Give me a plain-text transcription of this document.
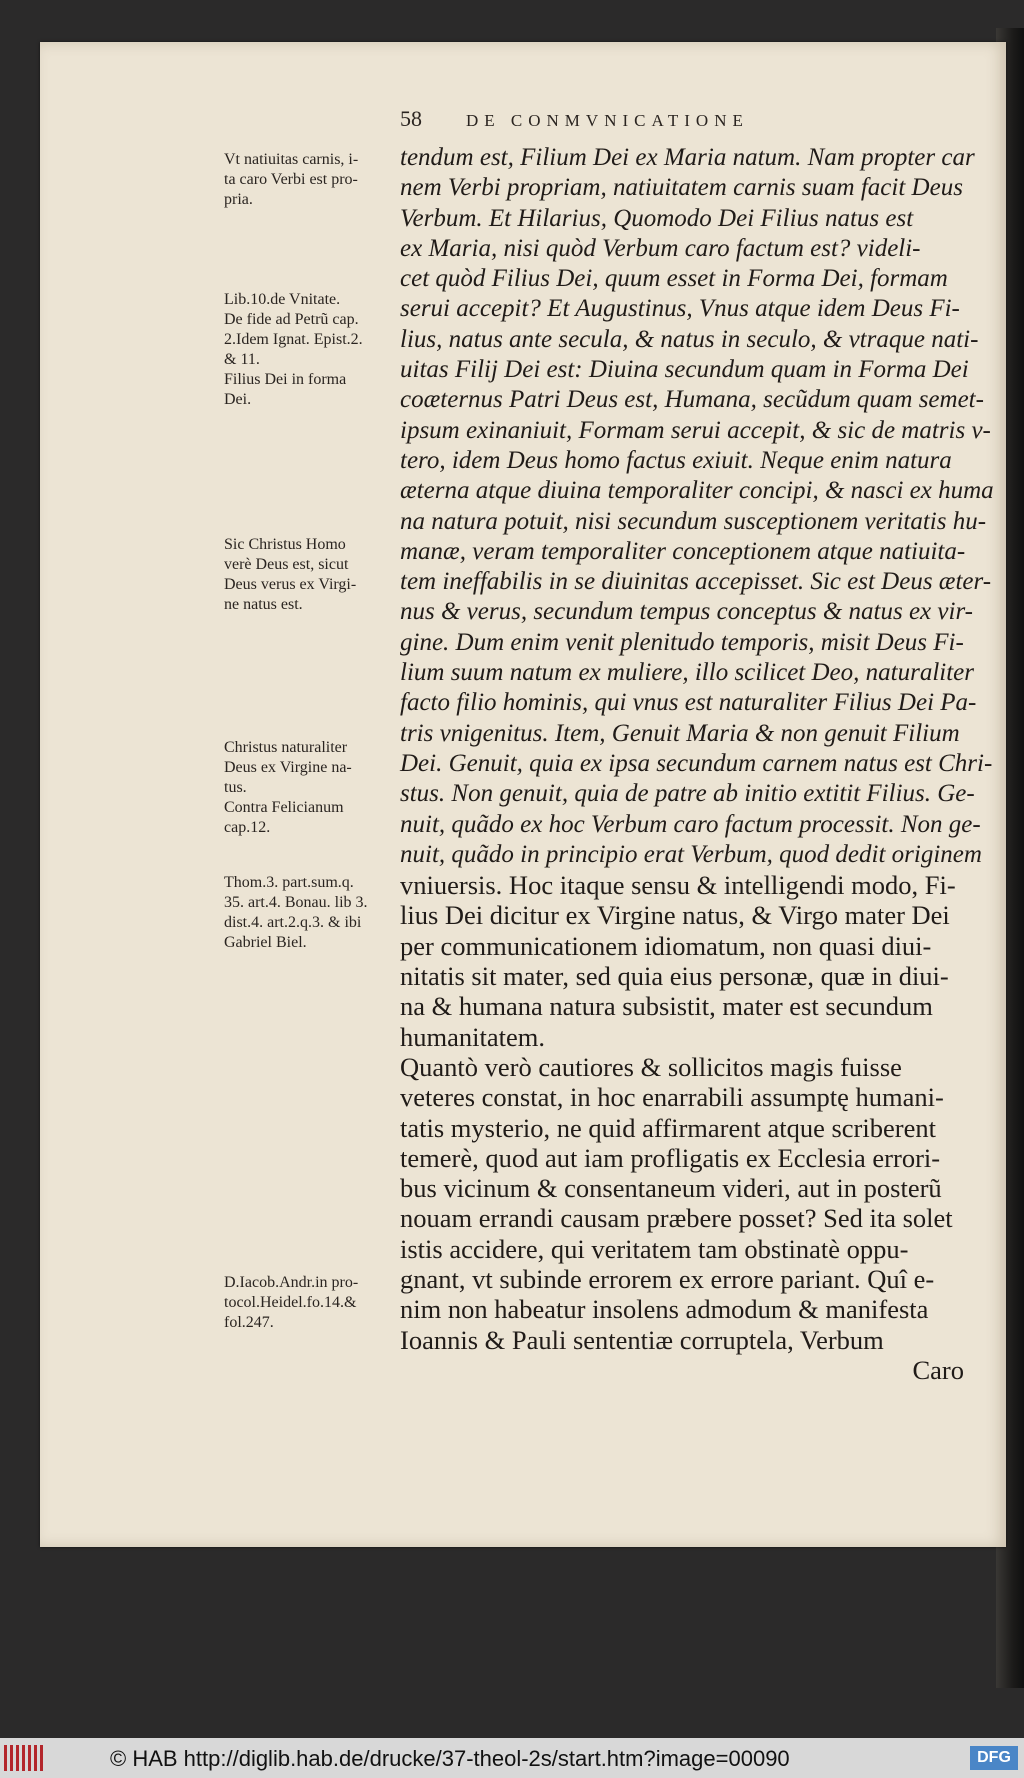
58	DE CONMVNICATIONE
Vt natiuitas carnis, i-
ta caro Verbi est pro-
pria.
Lib.10.de Vnitate.
De fide ad Petrũ cap.
2.Idem Ignat. Epist.2.
& 11.
Filius Dei in forma
Dei.
Sic Christus Homo
verè Deus est, sicut
Deus verus ex Virgi-
ne natus est.
Christus naturaliter
Deus ex Virgine na-
tus.
Contra Felicianum
cap.12.
Thom.3. part.sum.q.
35. art.4. Bonau. lib 3.
dist.4. art.2.q.3. & ibi
Gabriel Biel.
D.Iacob.Andr.in pro-
tocol.Heidel.fo.14.&
fol.247.
tendum est, Filium Dei ex Maria natum. Nam propter car
nem Verbi propriam, natiuitatem carnis suam facit Deus
Verbum. Et Hilarius, Quomodo Dei Filius natus est
ex Maria, nisi quòd Verbum caro factum est? videli-
cet quòd Filius Dei, quum esset in Forma Dei, formam
serui accepit? Et Augustinus, Vnus atque idem Deus Fi-
lius, natus ante secula, & natus in seculo, & vtraque nati-
uitas Filij Dei est: Diuina secundum quam in Forma Dei
coæternus Patri Deus est, Humana, secũdum quam semet-
ipsum exinaniuit, Formam serui accepit, & sic de matris v-
tero, idem Deus homo factus exiuit. Neque enim natura
æterna atque diuina temporaliter concipi, & nasci ex huma
na natura potuit, nisi secundum susceptionem veritatis hu-
manæ, veram temporaliter conceptionem atque natiuita-
tem ineffabilis in se diuinitas accepisset. Sic est Deus æter-
nus & verus, secundum tempus conceptus & natus ex vir-
gine. Dum enim venit plenitudo temporis, misit Deus Fi-
lium suum natum ex muliere, illo scilicet Deo, naturaliter
facto filio hominis, qui vnus est naturaliter Filius Dei Pa-
tris vnigenitus. Item, Genuit Maria & non genuit Filium
Dei. Genuit, quia ex ipsa secundum carnem natus est Chri-
stus. Non genuit, quia de patre ab initio extitit Filius. Ge-
nuit, quãdo ex hoc Verbum caro factum processit. Non ge-
nuit, quãdo in principio erat Verbum, quod dedit originem
vniuersis. Hoc itaque sensu & intelligendi modo, Fi-
lius Dei dicitur ex Virgine natus, & Virgo mater Dei
per communicationem idiomatum, non quasi diui-
nitatis sit mater, sed quia eius personæ, quæ in diui-
na & humana natura subsistit, mater est secundum
humanitatem.
Quantò verò cautiores & sollicitos magis fuisse
veteres constat, in hoc enarrabili assumptę humani-
tatis mysterio, ne quid affirmarent atque scriberent
temerè, quod aut iam profligatis ex Ecclesia errori-
bus vicinum & consentaneum videri, aut in posterũ
nouam errandi causam præbere posset? Sed ita solet
istis accidere, qui veritatem tam obstinatè oppu-
gnant, vt subinde errorem ex errore pariant. Quî e-
nim non habeatur insolens admodum & manifesta
Ioannis & Pauli sententiæ corruptela, Verbum
Caro
© HAB http://diglib.hab.de/drucke/37-theol-2s/start.htm?image=00090	DFG
